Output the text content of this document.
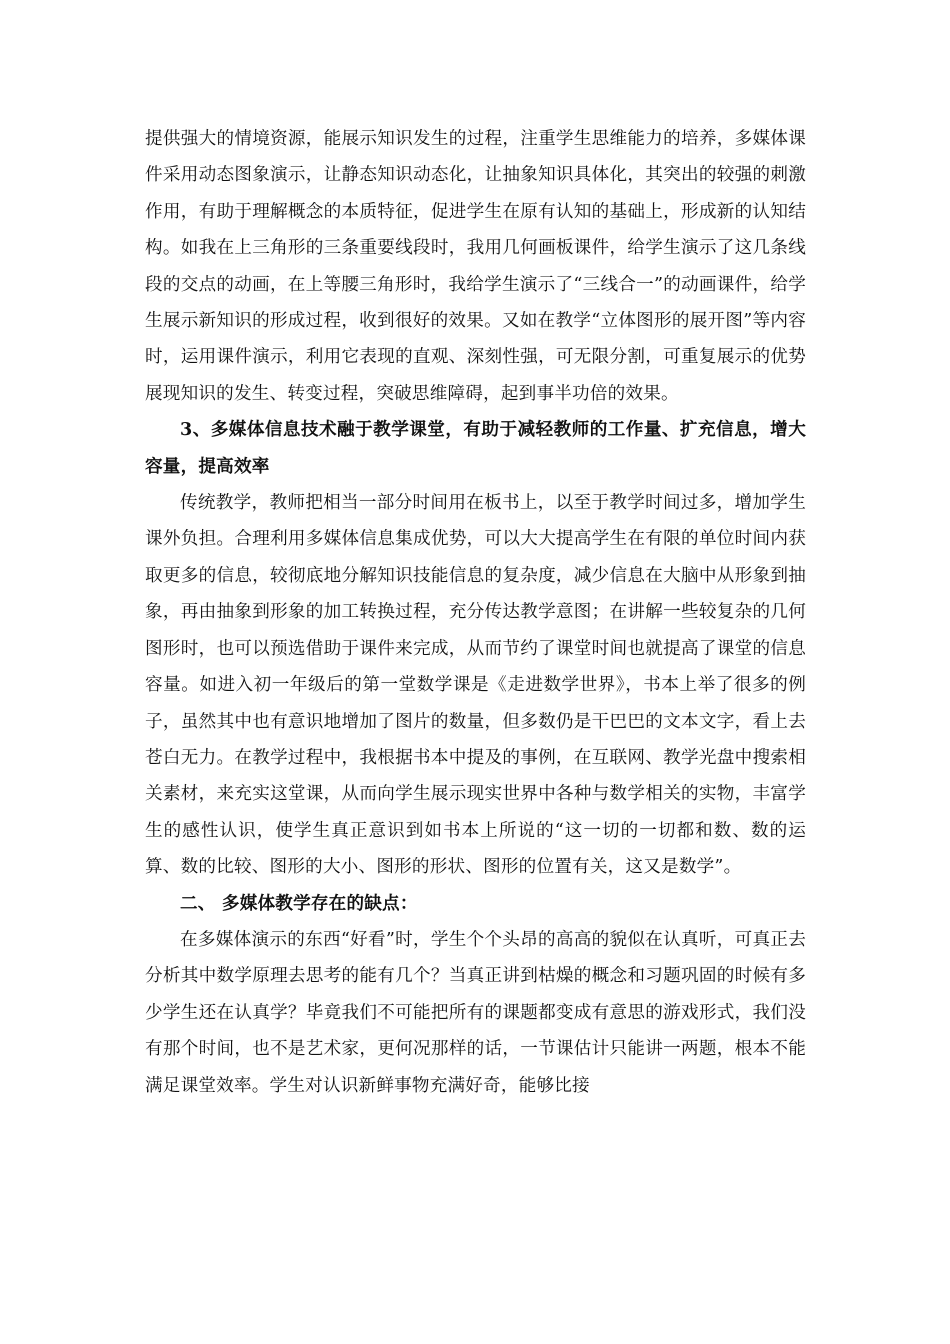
提供强大的情境资源，能展示知识发生的过程，注重学生思维能力的培养，多媒体课件采用动态图象演示，让静态知识动态化，让抽象知识具体化，其突出的较强的刺激作用，有助于理解概念的本质特征，促进学生在原有认知的基础上，形成新的认知结构。如我在上三角形的三条重要线段时，我用几何画板课件，给学生演示了这几条线段的交点的动画，在上等腰三角形时，我给学生演示了“三线合一”的动画课件，给学生展示新知识的形成过程，收到很好的效果。又如在教学“立体图形的展开图”等内容时，运用课件演示，利用它表现的直观、深刻性强，可无限分割，可重复展示的优势展现知识的发生、转变过程，突破思维障碍，起到事半功倍的效果。

3、多媒体信息技术融于教学课堂，有助于减轻教师的工作量、扩充信息，增大容量，提高效率

传统教学，教师把相当一部分时间用在板书上，以至于教学时间过多，增加学生课外负担。合理利用多媒体信息集成优势，可以大大提高学生在有限的单位时间内获取更多的信息，较彻底地分解知识技能信息的复杂度，减少信息在大脑中从形象到抽象，再由抽象到形象的加工转换过程，充分传达教学意图；在讲解一些较复杂的几何图形时，也可以预选借助于课件来完成，从而节约了课堂时间也就提高了课堂的信息容量。如进入初一年级后的第一堂数学课是《走进数学世界》，书本上举了很多的例子，虽然其中也有意识地增加了图片的数量，但多数仍是干巴巴的文本文字，看上去苍白无力。在教学过程中，我根据书本中提及的事例，在互联网、教学光盘中搜索相关素材，来充实这堂课，从而向学生展示现实世界中各种与数学相关的实物，丰富学生的感性认识，使学生真正意识到如书本上所说的“这一切的一切都和数、数的运算、数的比较、图形的大小、图形的形状、图形的位置有关，这又是数学”。

二、 多媒体教学存在的缺点：

在多媒体演示的东西“好看”时，学生个个头昂的高高的貌似在认真听，可真正去分析其中数学原理去思考的能有几个？当真正讲到枯燥的概念和习题巩固的时候有多少学生还在认真学？毕竟我们不可能把所有的课题都变成有意思的游戏形式，我们没有那个时间，也不是艺术家，更何况那样的话，一节课估计只能讲一两题，根本不能满足课堂效率。学生对认识新鲜事物充满好奇，能够比接
